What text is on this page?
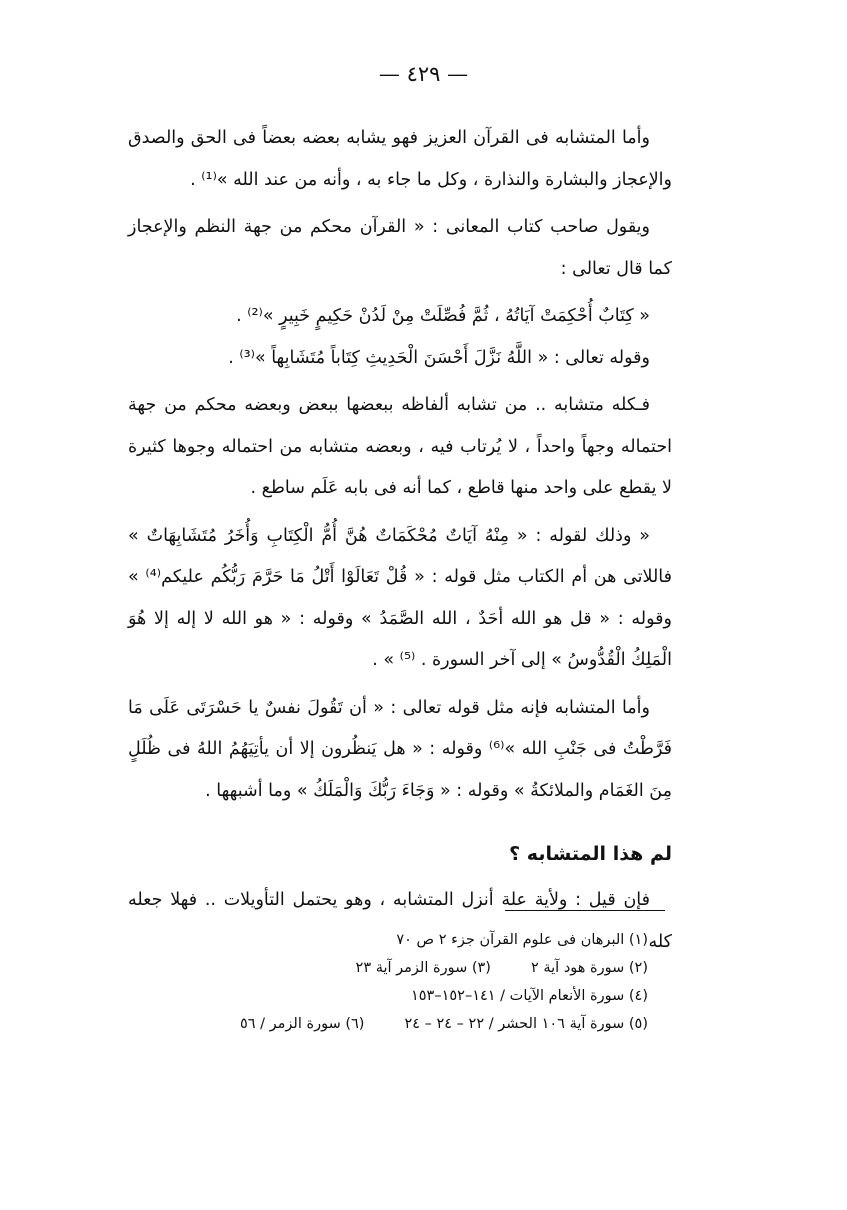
— ٤٢٩ —

وأما المتشابه فى القرآن العزيز فهو يشابه بعضه بعضاً فى الحق والصدق والإعجاز والبشارة والنذارة ، وكل ما جاء به ، وأنه من عند الله »⁽¹⁾ .

ويقول صاحب كتاب المعانى : « القرآن محكم من جهة النظم والإعجاز كما قال تعالى :

« كِتَابٌ أُحْكِمَتْ آيَاتُهُ ، ثُمَّ فُصِّلَتْ مِنْ لَدُنْ حَكِيمٍ خَبِيرٍ »⁽²⁾ .

وقوله تعالى : « اللَّهُ نَزَّلَ أَحْسَنَ الْحَدِيثِ كِتَاباً مُتَشَابِهاً »⁽³⁾ .

فـكله متشابه .. من تشابه ألفاظه ببعضها ببعض وبعضه محكم من جهة احتماله وجهاً واحداً ، لا يُرتاب فيه ، وبعضه متشابه من احتماله وجوها كثيرة لا يقطع على واحد منها قاطع ، كما أنه فى بابه عَلَم ساطع .

« وذلك لقوله : « مِنْهُ آيَاتٌ مُحْكَمَاتٌ هُنَّ أُمُّ الْكِتَابِ وَأُخَرُ مُتَشَابِهَاتٌ » فاللاتى هن أم الكتاب مثل قوله : « قُلْ تَعَالَوْا أَتْلُ مَا حَرَّمَ رَبُّكُم عليكم⁽⁴⁾ » وقوله : « قل هو الله أحَدٌ ، الله الصَّمَدُ » وقوله : « هو الله لا إله إلا هُوَ الْمَلِكُ الْقُدُّوسُ » إلى آخر السورة . ⁽⁵⁾ » .

وأما المتشابه فإنه مثل قوله تعالى : « أن تَقُولَ نفسٌ يا حَسْرَتَى عَلَى مَا فَرَّطْتُ فى جَنْبِ الله »⁽⁶⁾ وقوله : « هل يَنظُرون إلا أن يأتِيَهُمُ اللهُ فى ظُلَلٍ مِنَ الغَمَام والملائكةُ » وقوله : « وَجَاءَ رَبُّكَ وَالْمَلَكُ » وما أشبهها .

لم هذا المتشابه ؟

فإن قيل : ولأية علة أنزل المتشابه ، وهو يحتمل التأويلات .. فهلا جعله كله

(١) البرهان فى علوم القرآن جزء ٢ ص ٧٠
(٢) سورة هود آية ٢(٣) سورة الزمر آية ٢٣
(٤) سورة الأنعام الآيات / ١٤١–١٥٢–١٥٣
(٥) سورة آية ١٠٦ الحشر / ٢٢ – ٢٤ – ٢٤(٦) سورة الزمر / ٥٦
